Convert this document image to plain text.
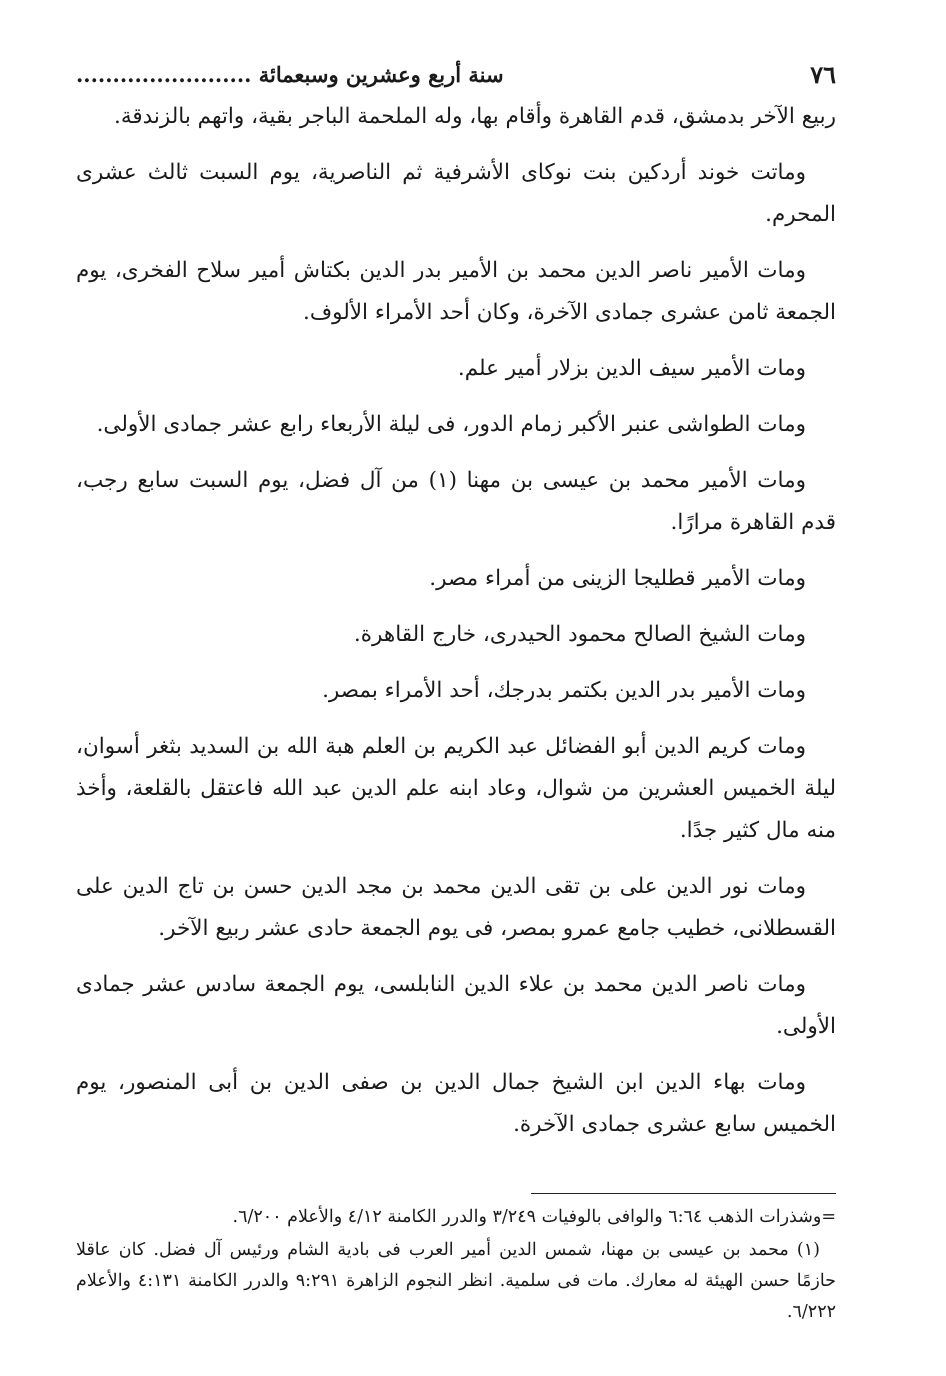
٧٦
سنة أربع وعشرين وسبعمائة ........................

ربيع الآخر بدمشق، قدم القاهرة وأقام بها، وله الملحمة الباجر بقية، واتهم بالزندقة.

وماتت خوند أردكين بنت نوكاى الأشرفية ثم الناصرية، يوم السبت ثالث عشرى المحرم.

ومات الأمير ناصر الدين محمد بن الأمير بدر الدين بكتاش أمير سلاح الفخرى، يوم الجمعة ثامن عشرى جمادى الآخرة، وكان أحد الأمراء الألوف.

ومات الأمير سيف الدين بزلار أمير علم.

ومات الطواشى عنبر الأكبر زمام الدور، فى ليلة الأربعاء رابع عشر جمادى الأولى.

ومات الأمير محمد بن عيسى بن مهنا (١) من آل فضل، يوم السبت سابع رجب، قدم القاهرة مرارًا.

ومات الأمير قطليجا الزينى من أمراء مصر.

ومات الشيخ الصالح محمود الحيدرى، خارج القاهرة.

ومات الأمير بدر الدين بكتمر بدرجك، أحد الأمراء بمصر.

ومات كريم الدين أبو الفضائل عبد الكريم بن العلم هبة الله بن السديد بثغر أسوان، ليلة الخميس العشرين من شوال، وعاد ابنه علم الدين عبد الله فاعتقل بالقلعة، وأخذ منه مال كثير جدًا.

ومات نور الدين على بن تقى الدين محمد بن مجد الدين حسن بن تاج الدين على القسطلانى، خطيب جامع عمرو بمصر، فى يوم الجمعة حادى عشر ربيع الآخر.

ومات ناصر الدين محمد بن علاء الدين النابلسى، يوم الجمعة سادس عشر جمادى الأولى.

ومات بهاء الدين ابن الشيخ جمال الدين بن صفى الدين بن أبى المنصور، يوم الخميس سابع عشرى جمادى الآخرة.

=وشذرات الذهب ٦:٦٤ والوافى بالوفيات ٣/٢٤٩ والدرر الكامنة ٤/١٢ والأعلام ٦/٢٠٠.

(١) محمد بن عيسى بن مهنا، شمس الدين أمير العرب فى بادية الشام ورئيس آل فضل. كان عاقلا حازمًا حسن الهيئة له معارك. مات فى سلمية. انظر النجوم الزاهرة ٩:٢٩١ والدرر الكامنة ٤:١٣١ والأعلام ٦/٢٢٢.
